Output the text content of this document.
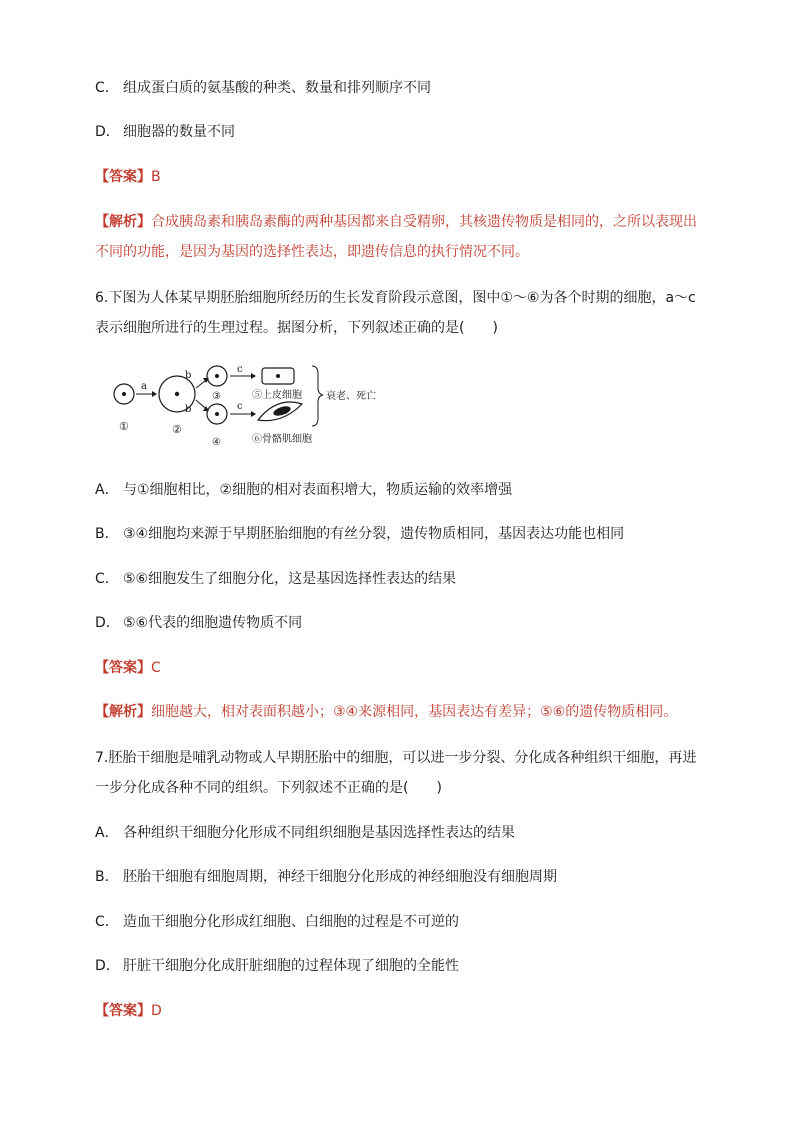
C． 组成蛋白质的氨基酸的种类、数量和排列顺序不同
D． 细胞器的数量不同
【答案】B
【解析】合成胰岛素和胰岛素酶的两种基因都来自受精卵，其核遗传物质是相同的，之所以表现出
不同的功能，是因为基因的选择性表达，即遗传信息的执行情况不同。
6.下图为人体某早期胚胎细胞所经历的生长发育阶段示意图，图中①～⑥为各个时期的细胞，a～c
表示细胞所进行的生理过程。据图分析，下列叙述正确的是(　　)
①
a
②
b
b
③
④
c
c
⑤上皮细胞
⑥骨骼肌细胞
衰老、死亡
A． 与①细胞相比，②细胞的相对表面积增大，物质运输的效率增强
B． ③④细胞均来源于早期胚胎细胞的有丝分裂，遗传物质相同，基因表达功能也相同
C． ⑤⑥细胞发生了细胞分化，这是基因选择性表达的结果
D． ⑤⑥代表的细胞遗传物质不同
【答案】C
【解析】细胞越大，相对表面积越小；③④来源相同，基因表达有差异；⑤⑥的遗传物质相同。
7.胚胎干细胞是哺乳动物或人早期胚胎中的细胞，可以进一步分裂、分化成各种组织干细胞，再进
一步分化成各种不同的组织。下列叙述不正确的是(　　)
A． 各种组织干细胞分化形成不同组织细胞是基因选择性表达的结果
B． 胚胎干细胞有细胞周期，神经干细胞分化形成的神经细胞没有细胞周期
C． 造血干细胞分化形成红细胞、白细胞的过程是不可逆的
D． 肝脏干细胞分化成肝脏细胞的过程体现了细胞的全能性
【答案】D
